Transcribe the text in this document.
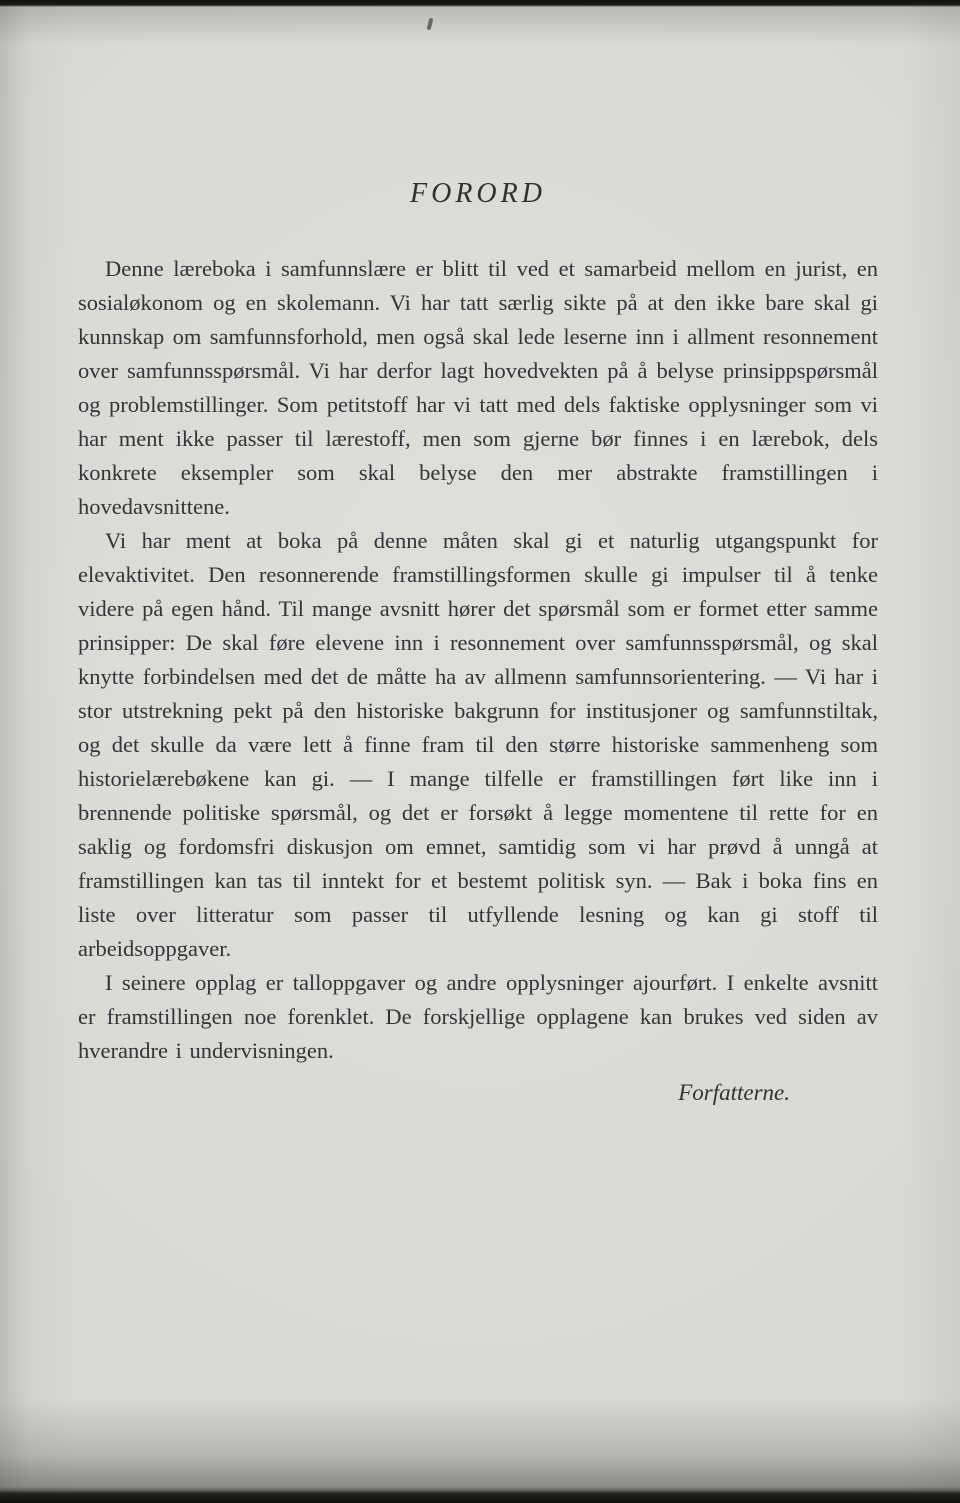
FORORD

Denne læreboka i samfunnslære er blitt til ved et samarbeid mellom en jurist, en sosialøkonom og en skolemann. Vi har tatt særlig sikte på at den ikke bare skal gi kunnskap om samfunnsforhold, men også skal lede leserne inn i allment resonnement over samfunnsspørsmål. Vi har derfor lagt hovedvekten på å belyse prinsippspørsmål og problemstillinger. Som petitstoff har vi tatt med dels faktiske opplysninger som vi har ment ikke passer til lærestoff, men som gjerne bør finnes i en lærebok, dels konkrete eksempler som skal belyse den mer abstrakte framstillingen i hovedavsnittene.

Vi har ment at boka på denne måten skal gi et naturlig utgangspunkt for elevaktivitet. Den resonnerende framstillingsformen skulle gi impulser til å tenke videre på egen hånd. Til mange avsnitt hører det spørsmål som er formet etter samme prinsipper: De skal føre elevene inn i resonnement over samfunnsspørsmål, og skal knytte forbindelsen med det de måtte ha av allmenn samfunnsorientering. — Vi har i stor utstrekning pekt på den historiske bakgrunn for institusjoner og samfunnstiltak, og det skulle da være lett å finne fram til den større historiske sammenheng som historielærebøkene kan gi. — I mange tilfelle er framstillingen ført like inn i brennende politiske spørsmål, og det er forsøkt å legge momentene til rette for en saklig og fordomsfri diskusjon om emnet, samtidig som vi har prøvd å unngå at framstillingen kan tas til inntekt for et bestemt politisk syn. — Bak i boka fins en liste over litteratur som passer til utfyllende lesning og kan gi stoff til arbeidsoppgaver.

I seinere opplag er talloppgaver og andre opplysninger ajourført. I enkelte avsnitt er framstillingen noe forenklet. De forskjellige opplagene kan brukes ved siden av hverandre i undervisningen.

Forfatterne.
